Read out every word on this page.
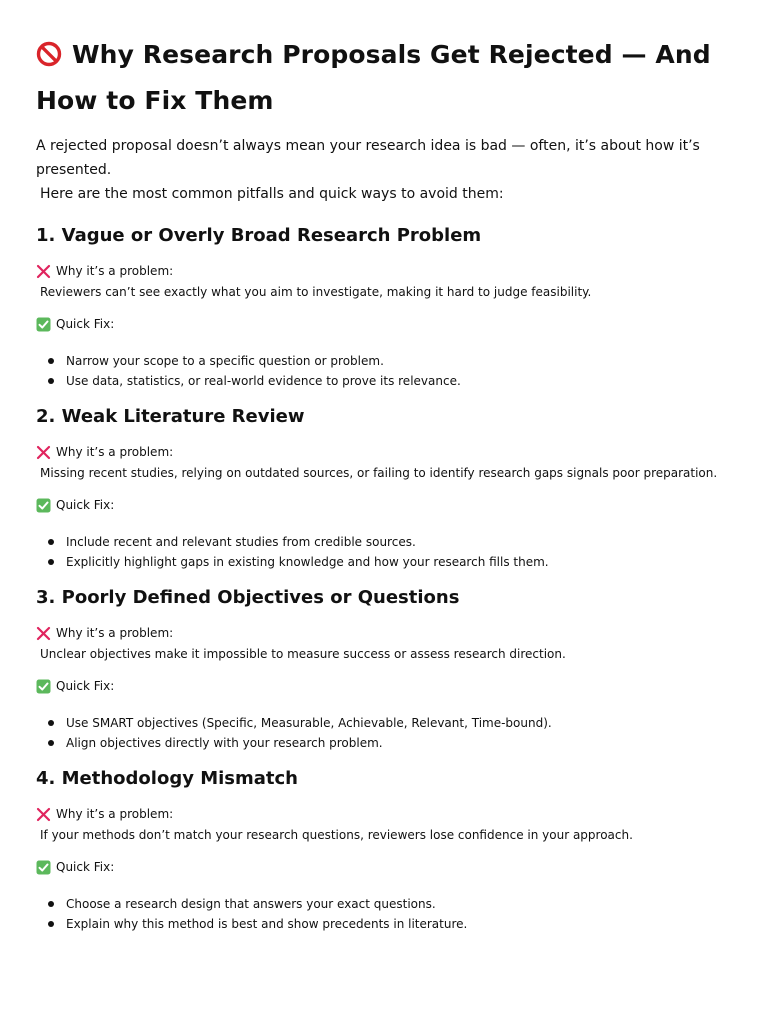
Why Research Proposals Get Rejected — And How to Fix Them

A rejected proposal doesn’t always mean your research idea is bad — often, it’s about how it’s presented.

Here are the most common pitfalls and quick ways to avoid them:

1. Vague or Overly Broad Research Problem
Why it’s a problem:
Reviewers can’t see exactly what you aim to investigate, making it hard to judge feasibility.
Quick Fix:
Narrow your scope to a specific question or problem.
Use data, statistics, or real-world evidence to prove its relevance.
2. Weak Literature Review
Why it’s a problem:
Missing recent studies, relying on outdated sources, or failing to identify research gaps signals poor preparation.
Quick Fix:
Include recent and relevant studies from credible sources.
Explicitly highlight gaps in existing knowledge and how your research fills them.
3. Poorly Defined Objectives or Questions
Why it’s a problem:
Unclear objectives make it impossible to measure success or assess research direction.
Quick Fix:
Use SMART objectives (Specific, Measurable, Achievable, Relevant, Time-bound).
Align objectives directly with your research problem.
4. Methodology Mismatch
Why it’s a problem:
If your methods don’t match your research questions, reviewers lose confidence in your approach.
Quick Fix:
Choose a research design that answers your exact questions.
Explain why this method is best and show precedents in literature.
